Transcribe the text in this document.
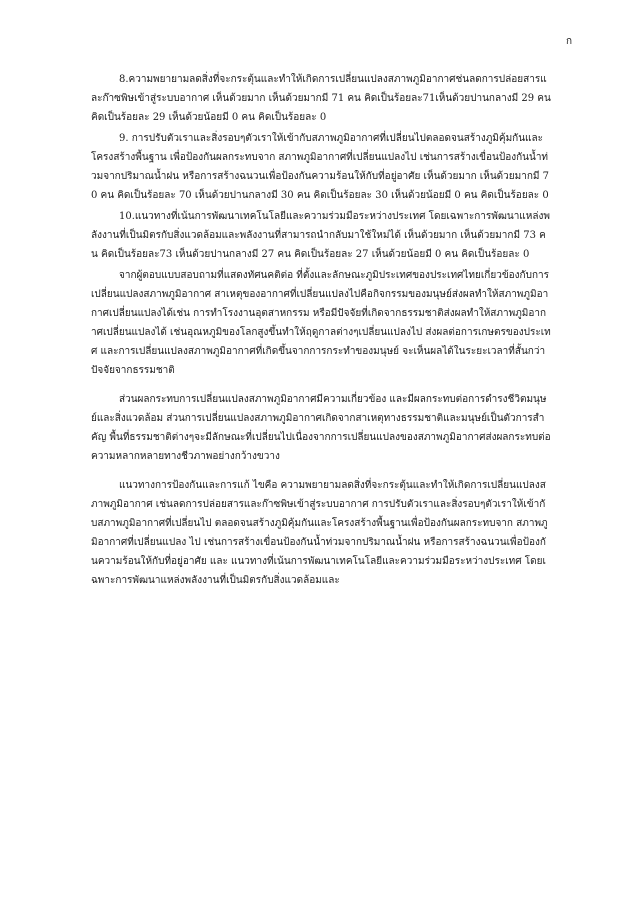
ก

8.ความพยายามลดสิ่งที่จะกระตุ้นและทำให้เกิดการเปลี่ยนแปลงสภาพภูมิอากาศช่นลดการปล่อยสารและก๊าซพิษเข้าสู่ระบบอากาศ เห็นด้วยมาก เห็นด้วยมากมี 71 คน คิดเป็นร้อยละ71เห็นด้วยปานกลางมี 29 คน คิดเป็นร้อยละ 29 เห็นด้วยน้อยมี 0 คน คิดเป็นร้อยละ 0

9. การปรับตัวเราและสิ่งรอบๆตัวเราให้เข้ากับสภาพภูมิอากาศที่เปลี่ยนไปตลอดจนสร้างภูมิคุ้มกันและ โครงสร้างพื้นฐาน เพื่อป้องกันผลกระทบจาก สภาพภูมิอากาศที่เปลี่ยนแปลงไป เช่นการสร้างเขื่อนป้องกันน้ำท่วมจากปริมาณน้ำฝน หรือการสร้างฉนวนเพื่อป้องกันความร้อนให้กับที่อยู่อาศัย เห็นด้วยมาก เห็นด้วยมากมี 70 คน คิดเป็นร้อยละ 70 เห็นด้วยปานกลางมี 30 คน คิดเป็นร้อยละ 30 เห็นด้วยน้อยมี 0 คน คิดเป็นร้อยละ 0

10.แนวทางที่เน้นการพัฒนาเทคโนโลยีและความร่วมมือระหว่างประเทศ โดยเฉพาะการพัฒนาแหล่งพลังงานที่เป็นมิตรกับสิ่งแวดล้อมและพลังงานที่สามารถนำกลับมาใช้ใหม่ได้ เห็นด้วยมาก เห็นด้วยมากมี 73 คน คิดเป็นร้อยละ73 เห็นด้วยปานกลางมี 27 คน คิดเป็นร้อยละ 27 เห็นด้วยน้อยมี 0 คน คิดเป็นร้อยละ 0

จากผู้ตอบแบบสอบถามที่แสดงทัศนคติต่อ ที่ตั้งและลักษณะภูมิประเทศของประเทศไทยเกี่ยวข้องกับการเปลี่ยนแปลงสภาพภูมิอากาศ สาเหตุของอากาศที่เปลี่ยนแปลงไปคือกิจกรรมของมนุษย์ส่งผลทำให้สภาพภูมิอากาศเปลี่ยนแปลงได้เช่น การทำโรงงานอุตสาหกรรม หรือมีปัจจัยที่เกิดจากธรรมชาติส่งผลทำให้สภาพภูมิอากาศเปลี่ยนแปลงได้ เช่นอุณหภูมิของโลกสูงขึ้นทำให้ฤดูกาลต่างๆเปลี่ยนแปลงไป ส่งผลต่อการเกษตรของประเทศ และการเปลี่ยนแปลงสภาพภูมิอากาศที่เกิดขึ้นจากการกระทำของมนุษย์ จะเห็นผลได้ในระยะเวลาที่สั้นกว่าปัจจัยจากธรรมชาติ

ส่วนผลกระทบการเปลี่ยนแปลงสภาพภูมิอากาศมีความเกี่ยวข้อง และมีผลกระทบต่อการดำรงชีวิตมนุษย์และสิ่งแวดล้อม ส่วนการเปลี่ยนแปลงสภาพภูมิอากาศเกิดจากสาเหตุทางธรรมชาติและมนุษย์เป็นตัวการสำคัญ พื้นที่ธรรมชาติต่างๆจะมีลักษณะที่เปลี่ยนไปเนื่องจากการเปลี่ยนแปลงของสภาพภูมิอากาศส่งผลกระทบต่อความหลากหลายทางชีวภาพอย่างกว้างขวาง

แนวทางการป้องกันและการแก้ ไขคือ ความพยายามลดสิ่งที่จะกระตุ้นและทำให้เกิดการเปลี่ยนแปลงสภาพภูมิอากาศ เช่นลดการปล่อยสารและก๊าซพิษเข้าสู่ระบบอากาศ การปรับตัวเราและสิ่งรอบๆตัวเราให้เข้ากับสภาพภูมิอากาศที่เปลี่ยนไป ตลอดจนสร้างภูมิคุ้มกันและโครงสร้างพื้นฐานเพื่อป้องกันผลกระทบจาก สภาพภูมิอากาศที่เปลี่ยนแปลง ไป เช่นการสร้างเขื่อนป้องกันน้ำท่วมจากปริมาณน้ำฝน หรือการสร้างฉนวนเพื่อป้องกันความร้อนให้กับที่อยู่อาศัย และ แนวทางที่เน้นการพัฒนาเทคโนโลยีและความร่วมมือระหว่างประเทศ โดยเฉพาะการพัฒนาแหล่งพลังงานที่เป็นมิตรกับสิ่งแวดล้อมและ
